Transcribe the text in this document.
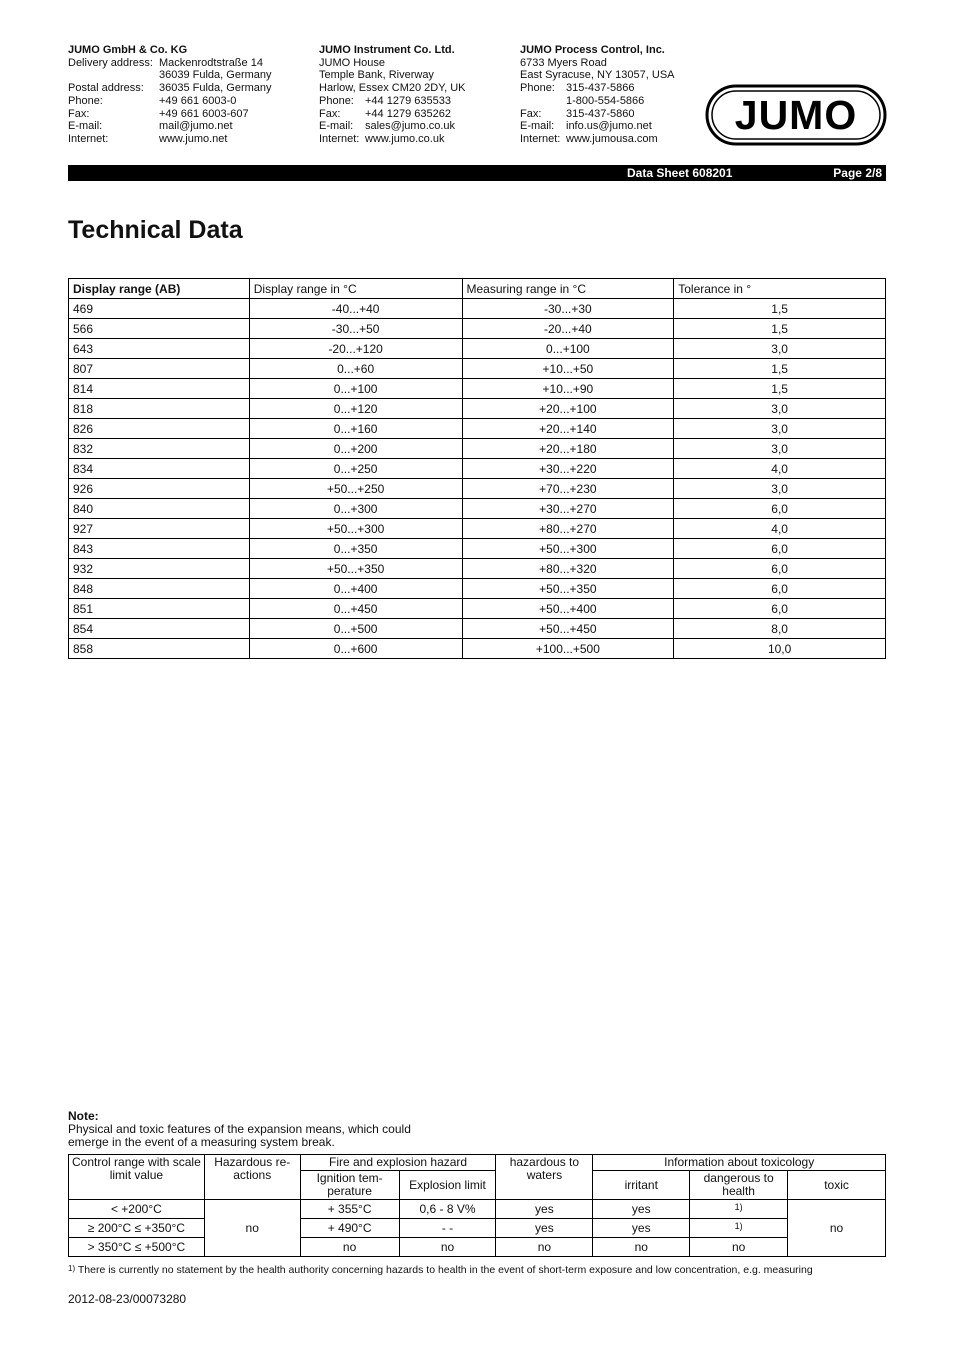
JUMO GmbH & Co. KG
Delivery address: Mackenrodtstraße 14
36039 Fulda, Germany
Postal address: 36035 Fulda, Germany
Phone:	+49 661 6003-0
Fax:	+49 661 6003-607
E-mail:	mail@jumo.net
Internet:	www.jumo.net
JUMO Instrument Co. Ltd.
JUMO House
Temple Bank, Riverway
Harlow, Essex CM20 2DY, UK
Phone: +44 1279 635533
Fax: +44 1279 635262
E-mail: sales@jumo.co.uk
Internet: www.jumo.co.uk
JUMO Process Control, Inc.
6733 Myers Road
East Syracuse, NY 13057, USA
Phone: 315-437-5866
1-800-554-5866
Fax: 315-437-5860
E-mail: info.us@jumo.net
Internet: www.jumousa.com
JUMO
Data Sheet 608201	Page 2/8
Technical Data
Display range (AB)	Display range in °C	Measuring range in °C	Tolerance in °
469	-40...+40	-30...+30	1,5
566	-30...+50	-20...+40	1,5
643	-20...+120	0...+100	3,0
807	0...+60	+10...+50	1,5
814	0...+100	+10...+90	1,5
818	0...+120	+20...+100	3,0
826	0...+160	+20...+140	3,0
832	0...+200	+20...+180	3,0
834	0...+250	+30...+220	4,0
926	+50...+250	+70...+230	3,0
840	0...+300	+30...+270	6,0
927	+50...+300	+80...+270	4,0
843	0...+350	+50...+300	6,0
932	+50...+350	+80...+320	6,0
848	0...+400	+50...+350	6,0
851	0...+450	+50...+400	6,0
854	0...+500	+50...+450	8,0
858	0...+600	+100...+500	10,0
Note:
Physical and toxic features of the expansion means, which could
emerge in the event of a measuring system break.
Control range with scale limit value	Hazardous re-actions	Fire and explosion hazard		hazardous to waters	Information about toxicology		
		Ignition tem-perature	Explosion limit		irritant	dangerous to health	toxic
< +200°C	no	+ 355°C	0,6 - 8 V%	yes	yes	$^{1)}$	no
≥ 200°C ≤ +350°C		+ 490°C	- -	yes	yes	$^{1)}$
> 350°C ≤ +500°C		no	no	no	no	no	
$^{1)}$ There is currently no statement by the health authority concerning hazards to health in the event of short-term exposure and low concentration, e.g. measuring
2012-08-23/00073280
